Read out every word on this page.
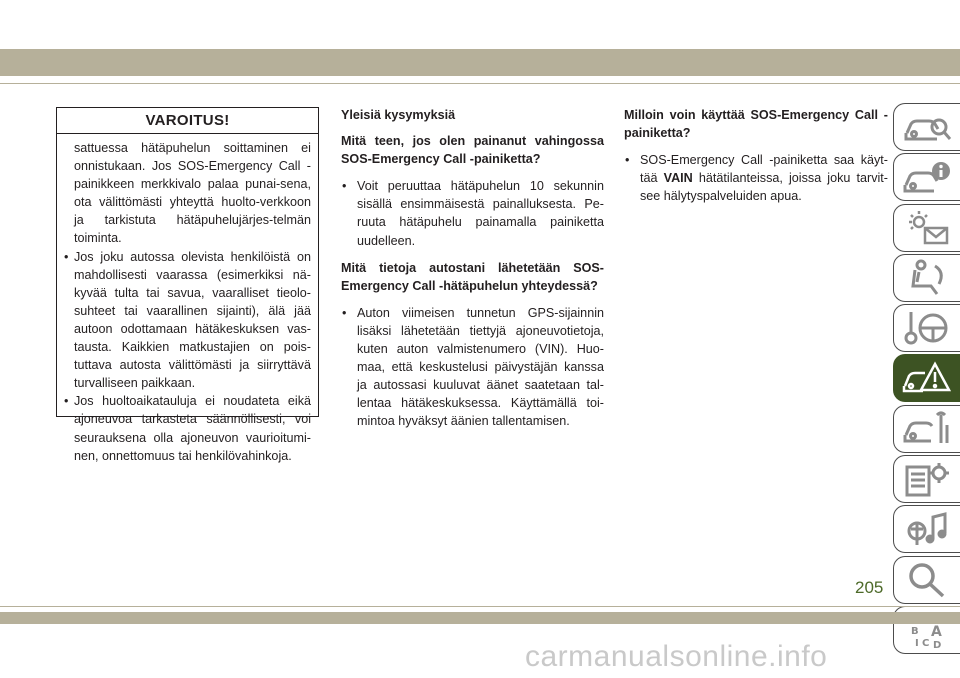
VAROITUS!

sattuessa hätäpuhelun soittaminen ei onnistukaan. Jos SOS-Emergency Call -painikkeen merkkivalo palaa punai-sena, ota välittömästi yhteyttä huolto-verkkoon ja tarkistuta hätäpuhelujärjes-telmän toiminta.

• Jos joku autossa olevista henkilöistä on mahdollisesti vaarassa (esimerkiksi nä-kyvää tulta tai savua, vaaralliset tieolo-suhteet tai vaarallinen sijainti), älä jää autoon odottamaan hätäkeskuksen vas-tausta. Kaikkien matkustajien on pois-tuttava autosta välittömästi ja siirryttävä turvalliseen paikkaan.
• Jos huoltoaikatauluja ei noudateta eikä ajoneuvoa tarkasteta säännöllisesti, voi seurauksena olla ajoneuvon vaurioitumi-nen, onnettomuus tai henkilövahinkoja.
Yleisiä kysymyksiä
Mitä teen, jos olen painanut vahingossa SOS-Emergency Call -painiketta?
• Voit peruuttaa hätäpuhelun 10 sekunnin sisällä ensimmäisestä painalluksesta. Pe-ruuta hätäpuhelu painamalla painiketta uudelleen.
Mitä tietoja autostani lähetetään SOS-Emergency Call -hätäpuhelun yhteydessä?
• Auton viimeisen tunnetun GPS-sijainnin lisäksi lähetetään tiettyjä ajoneuvotietoja, kuten auton valmistenumero (VIN). Huo-maa, että keskustelusi päivystäjän kanssa ja autossasi kuuluvat äänet saatetaan tal-lentaa hätäkeskuksessa. Käyttämällä toi-mintoa hyväksyt äänien tallentamisen.
Milloin voin käyttää SOS-Emergency Call -painiketta?
• SOS-Emergency Call -painiketta saa käyt-tää VAIN hätätilanteissa, joissa joku tarvit-see hälytyspalveluiden apua.
B A
I C D
205
carmanualsonline.info
